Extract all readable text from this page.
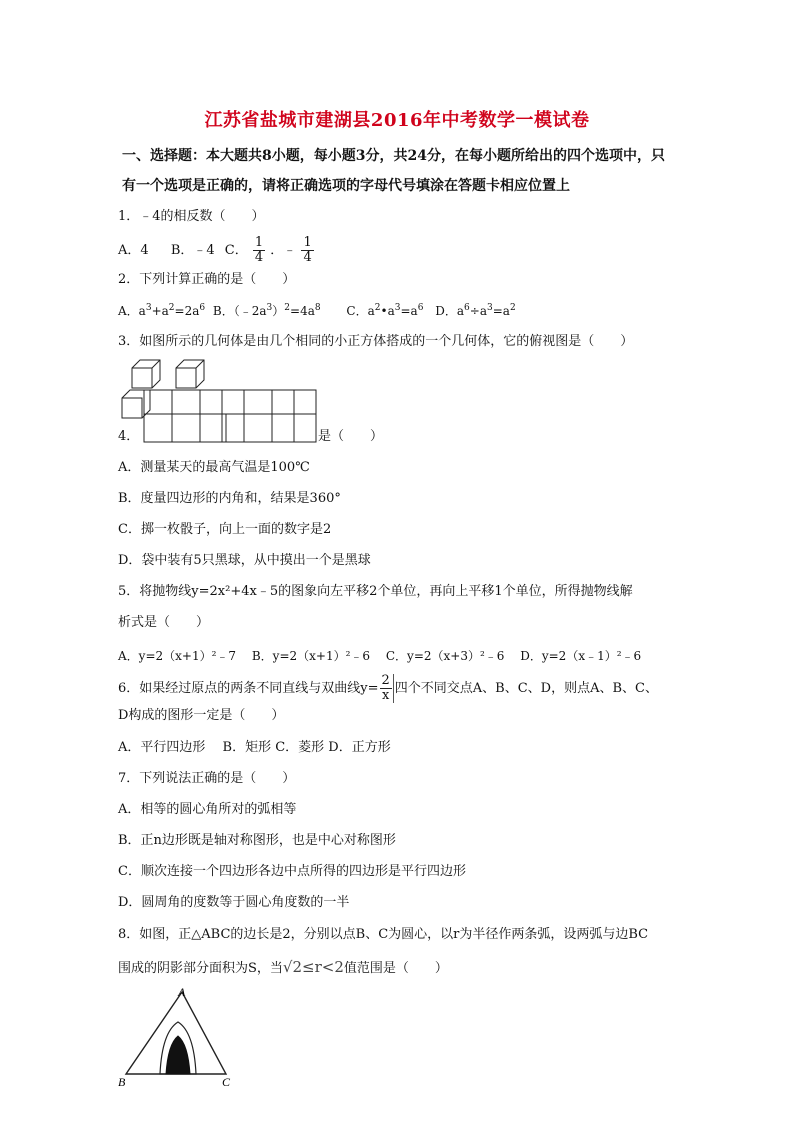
江苏省盐城市建湖县2016年中考数学一模试卷
一、选择题：本大题共8小题，每小题3分，共24分，在每小题所给出的四个选项中，只
有一个选项是正确的，请将正确选项的字母代号填涂在答题卡相应位置上
1．﹣4的相反数（　　）
A．4 B．﹣4 C． $\frac{1}{4}$ ．﹣ $\frac{1}{4}$
2．下列计算正确的是（　　）
A．$a^3+a^2=2a^6$ B．$(﹣2a^3)^2=4a^8$ C．$a^2•a^3=a^6$ D．$a^6\div a^3=a^2$
3．如图所示的几何体是由几个相同的小正方体搭成的一个几何体，它的俯视图是（　　）
4．	是（　　）
A．测量某天的最高气温是100℃
B．度量四边形的内角和，结果是360°
C．掷一枚骰子，向上一面的数字是2
D．袋中装有5只黑球，从中摸出一个是黑球
5．将抛物线y=2x²+4x﹣5的图象向左平移2个单位，再向上平移1个单位，所得抛物线解
析式是（　　）
A．y=2（x+1）²﹣7　 B．y=2（x+1）²﹣6　 C．y=2（x+3）²﹣6　 D．y=2（x﹣1）²﹣6
6．如果经过原点的两条不同直线与双曲线$y= \frac{2}{x}$ 四个不同交点A、B、C、D，则点A、B、C、
D构成的图形一定是（　　）
A．平行四边形　 B．矩形 C．菱形 D．正方形
7．下列说法正确的是（　　）
A．相等的圆心角所对的弧相等
B．正n边形既是轴对称图形，也是中心对称图形
C．顺次连接一个四边形各边中点所得的四边形是平行四边形
D．圆周角的度数等于圆心角度数的一半
8．如图，正△ABC的边长是2，分别以点B、C为圆心，以r为半径作两条弧，设两弧与边BC
围成的阴影部分面积为S，当√2≤r<2值范围是（　　）
A
B	C
